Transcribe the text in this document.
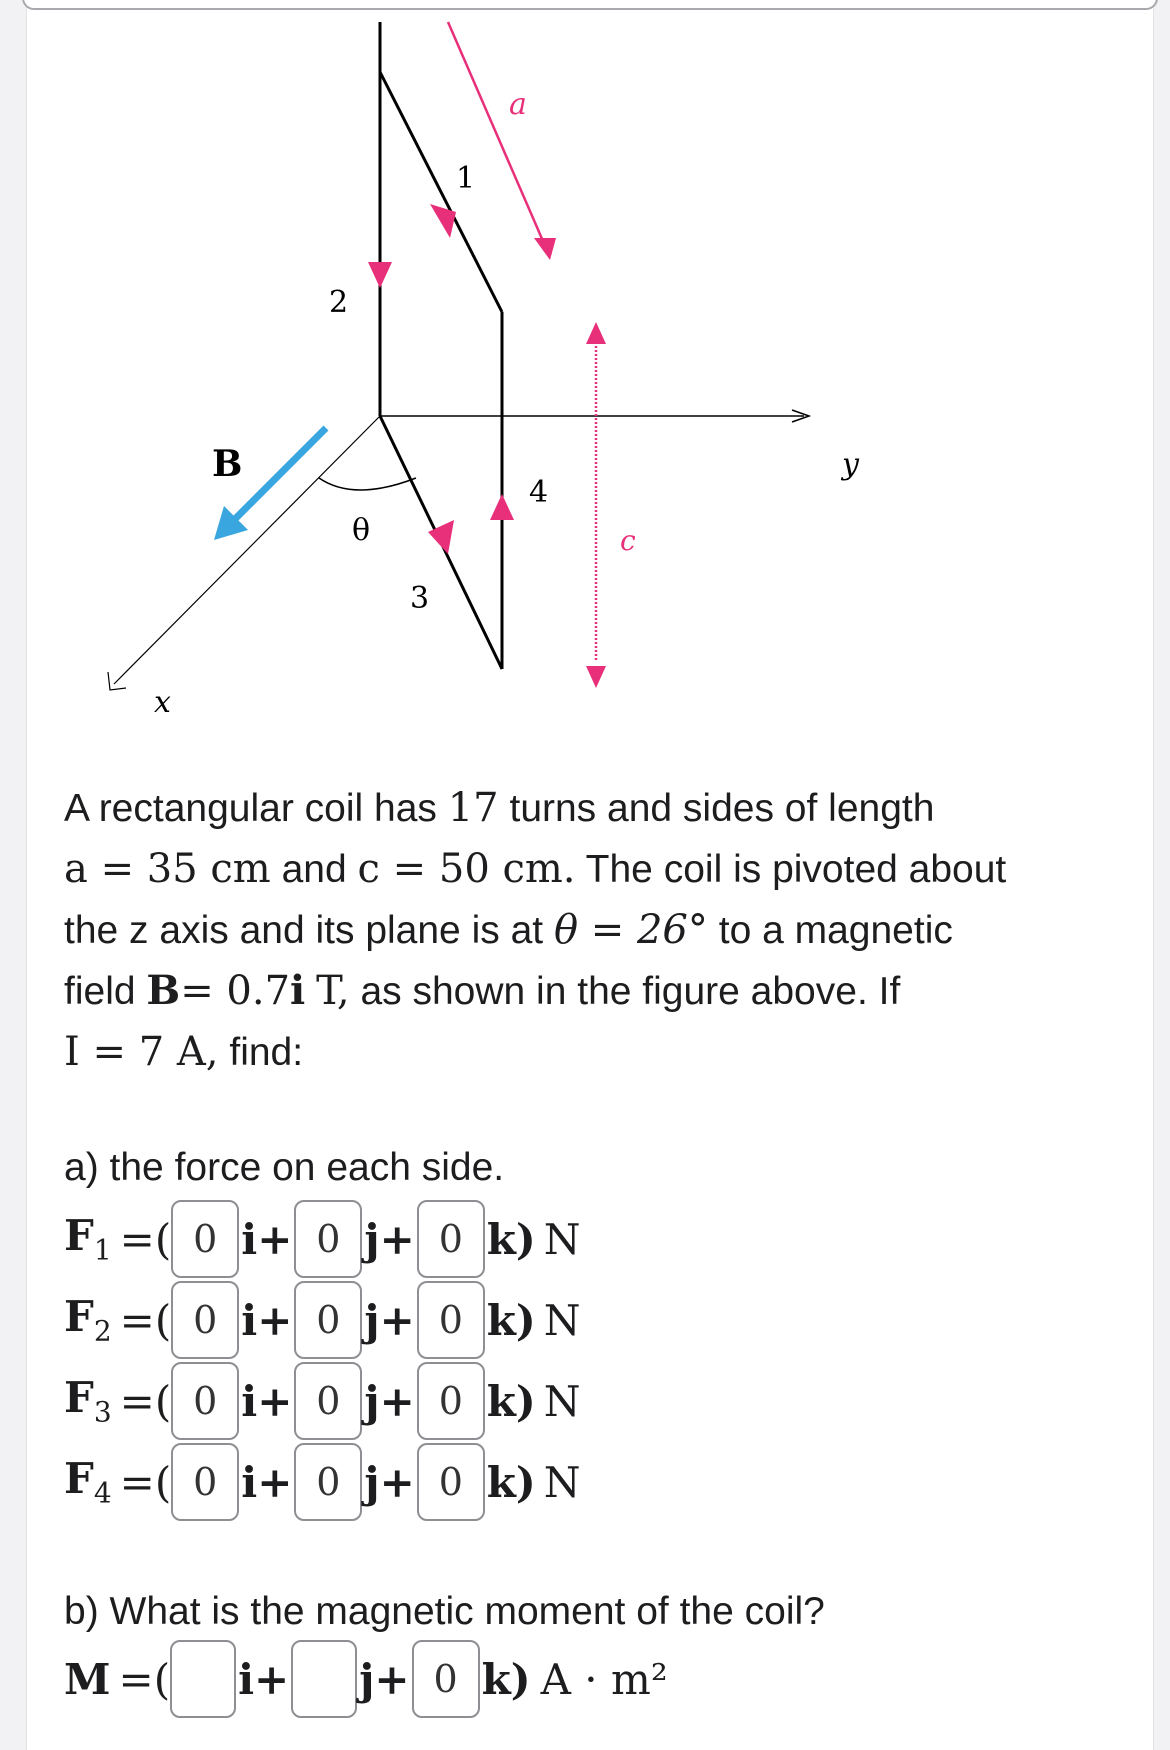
a
1
2
3
4
c
B
θ
x
y
A rectangular coil has 17 turns and sides of length
a = 35 cm and c = 50 cm. The coil is pivoted about
the z axis and its plane is at θ = 26° to a magnetic
field B= 0.7i T, as shown in the figure above. If
I = 7 A, find:
a) the force on each side.
$F_1$ =( 0 i+ 0 j+ 0 k) N
$F_2$ =( 0 i+ 0 j+ 0 k) N
$F_3$ =( 0 i+ 0 j+ 0 k) N
$F_4$ =( 0 i+ 0 j+ 0 k) N
b) What is the magnetic moment of the coil?
M =( i+ j+ 0 k) A · m²
